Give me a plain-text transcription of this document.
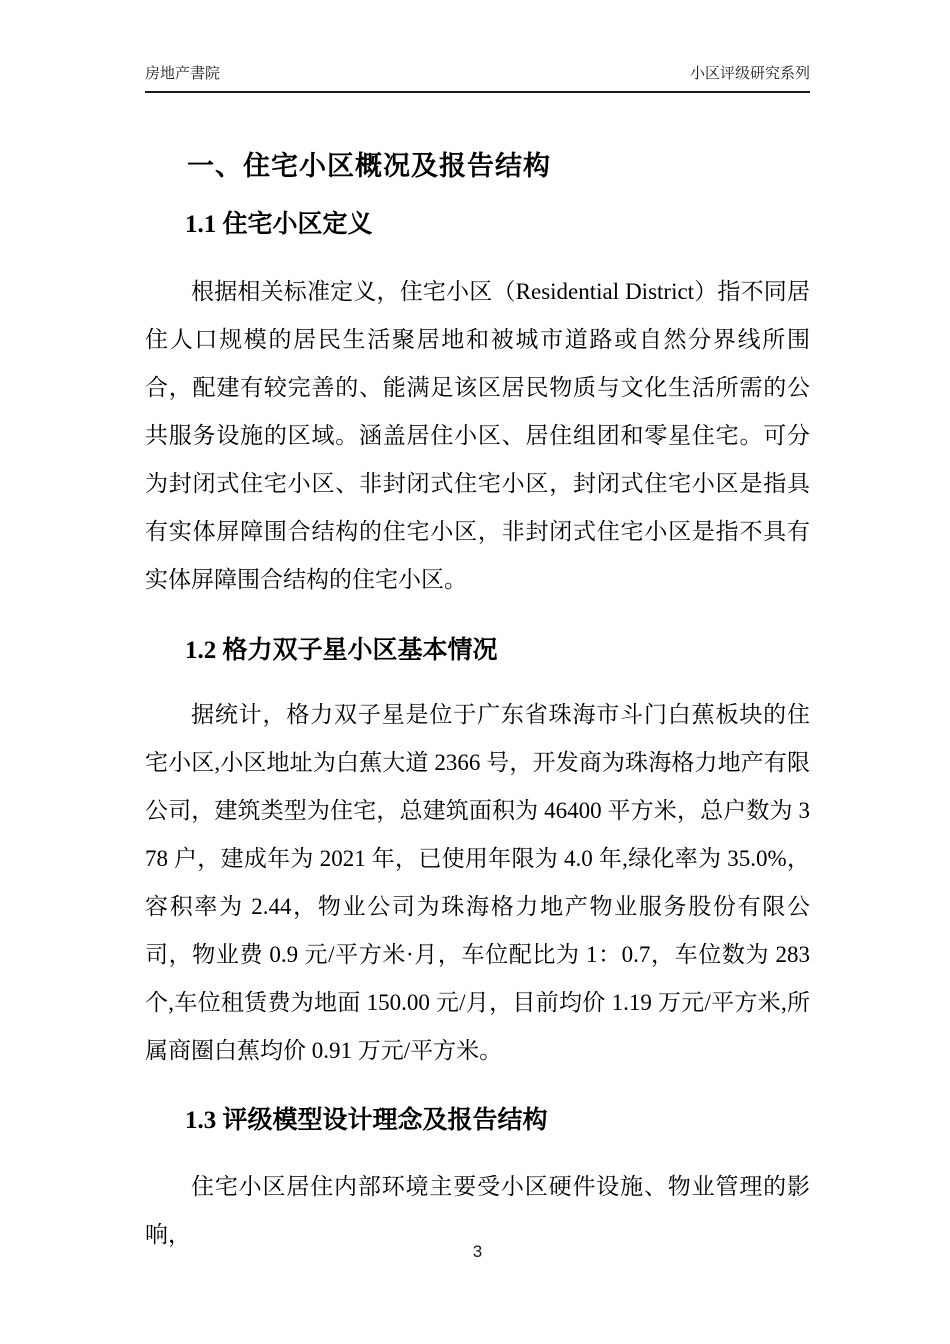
房地产書院	小区评级研究系列
一、住宅小区概况及报告结构
1.1 住宅小区定义

根据相关标准定义，住宅小区（Residential District）指不同居住人口规模的居民生活聚居地和被城市道路或自然分界线所围合，配建有较完善的、能满足该区居民物质与文化生活所需的公共服务设施的区域。涵盖居住小区、居住组团和零星住宅。可分为封闭式住宅小区、非封闭式住宅小区，封闭式住宅小区是指具有实体屏障围合结构的住宅小区，非封闭式住宅小区是指不具有实体屏障围合结构的住宅小区。

1.2 格力双子星小区基本情况

据统计，格力双子星是位于广东省珠海市斗门白蕉板块的住宅小区,小区地址为白蕉大道 2366 号，开发商为珠海格力地产有限公司，建筑类型为住宅，总建筑面积为 46400 平方米，总户数为 378 户，建成年为 2021 年，已使用年限为 4.0 年,绿化率为 35.0%，容积率为 2.44，物业公司为珠海格力地产物业服务股份有限公司，物业费 0.9 元/平方米·月，车位配比为 1：0.7，车位数为 283 个,车位租赁费为地面 150.00 元/月，目前均价 1.19 万元/平方米,所属商圈白蕉均价 0.91 万元/平方米。

1.3 评级模型设计理念及报告结构

住宅小区居住内部环境主要受小区硬件设施、物业管理的影响，

3
